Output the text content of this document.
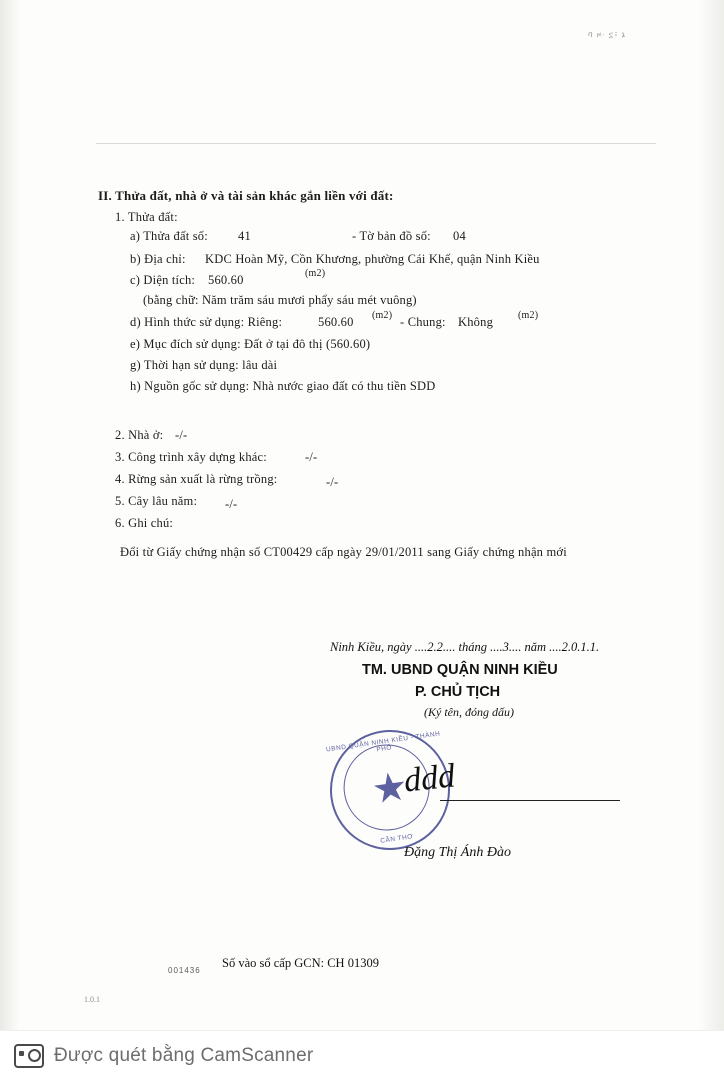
ባ ዞ∙ ኗ፣ ኔ
II. Thửa đất, nhà ở và tài sản khác gắn liền với đất:
1. Thửa đất:
a) Thửa đất số: 41	- Tờ bản đồ số: 04
b) Địa chỉ: KDC Hoàn Mỹ, Cồn Khương, phường Cái Khế, quận Ninh Kiều
c) Diện tích: 560.60	(m2)
(bằng chữ: Năm trăm sáu mươi phẩy sáu mét vuông)
d) Hình thức sử dụng: Riêng:	560.60 (m2) - Chung: Không (m2)
e) Mục đích sử dụng: Đất ở tại đô thị (560.60)
g) Thời hạn sử dụng: lâu dài
h) Nguồn gốc sử dụng: Nhà nước giao đất có thu tiền SDD
2. Nhà ở: -/-
3. Công trình xây dựng khác:	-/-
4. Rừng sản xuất là rừng trồng:	-/-
5. Cây lâu năm: -/-
6. Ghi chú:
Đổi từ Giấy chứng nhận số CT00429 cấp ngày 29/01/2011 sang Giấy chứng nhận mới
Ninh Kiều, ngày ....2.2.... tháng ....3.... năm ....2.0.1.1.
TM. UBND QUẬN NINH KIỀU
P. CHỦ TỊCH
(Ký tên, đóng dấu)
★
UBND QUẬN NINH KIỀU - THÀNH PHỐ
CẦN THƠ
ddd
Đặng Thị Ánh Đào
001436
Số vào sổ cấp GCN: CH 01309
1.0.1
Được quét bằng CamScanner
